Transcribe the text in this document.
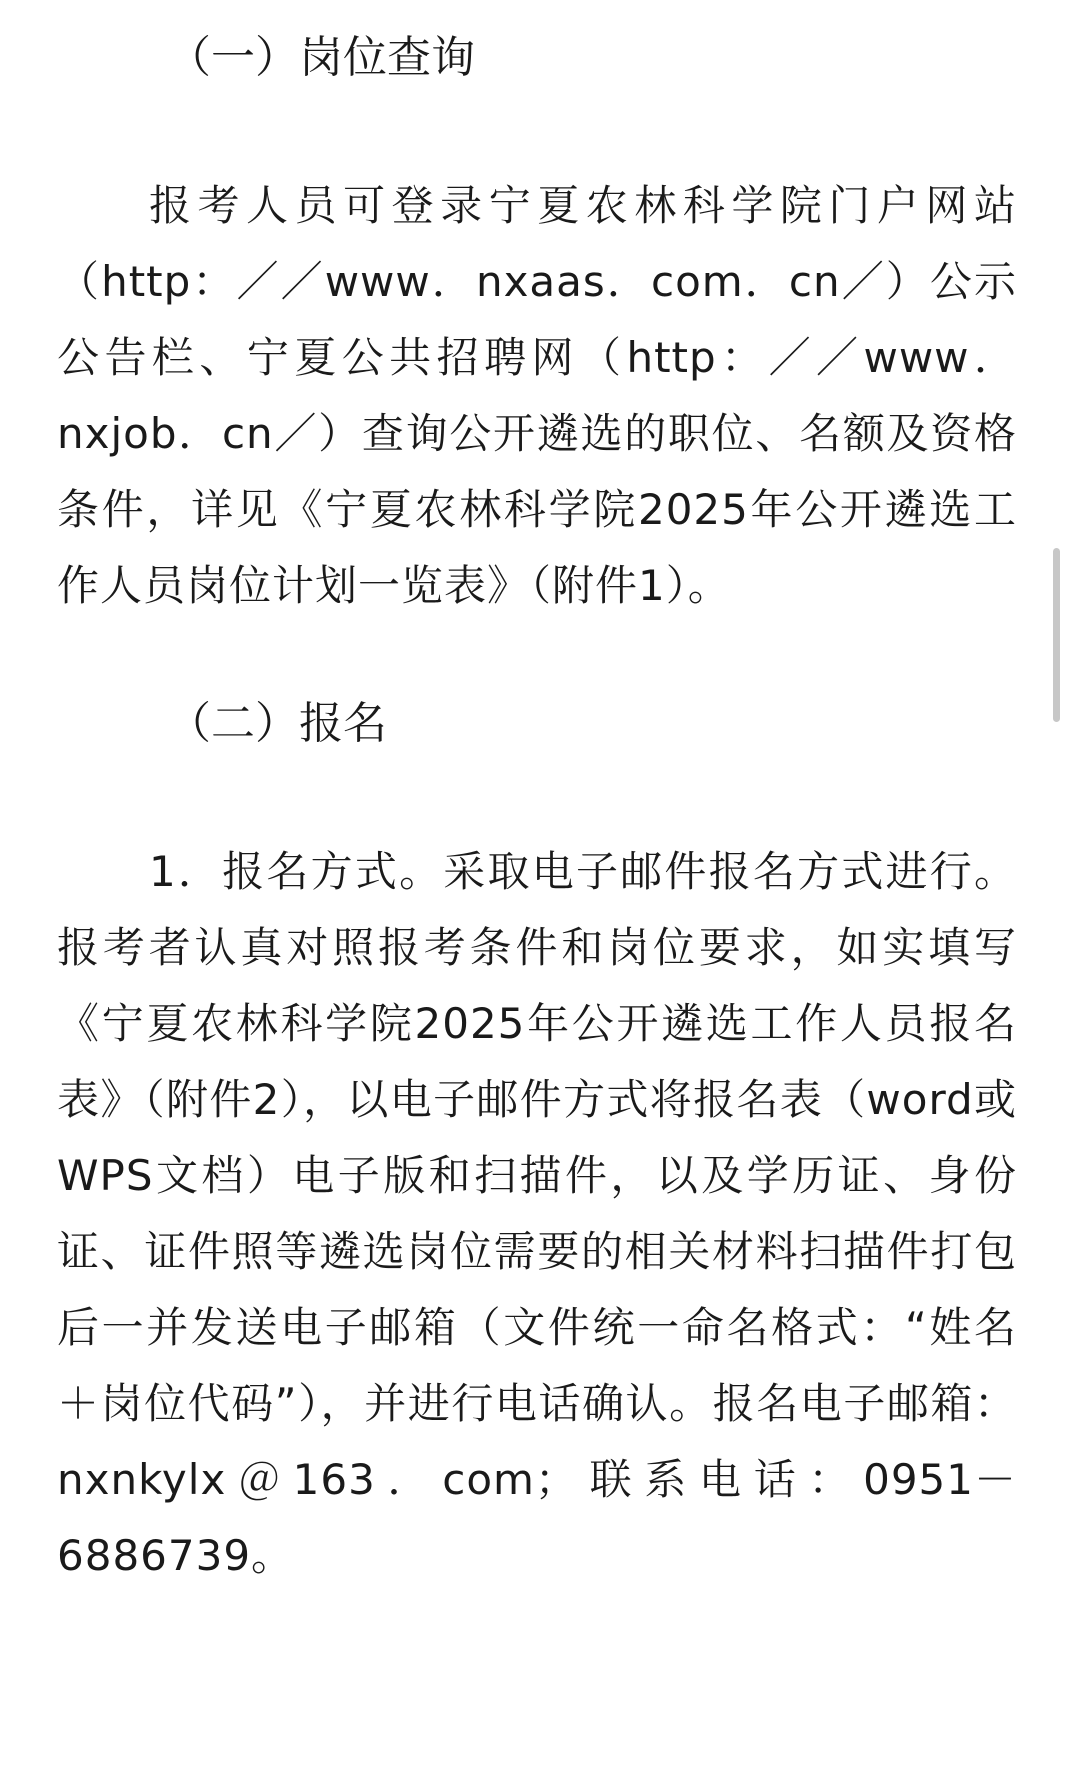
（一）岗位查询

报考人员可登录宁夏农林科学院门户网站（http：／／www．nxaas．com．cn／）公示公告栏、宁夏公共招聘网（http：／／www．nxjob．cn／）查询公开遴选的职位、名额及资格条件，详见《宁夏农林科学院2025年公开遴选工作人员岗位计划一览表》（附件1）。

（二）报名

1．报名方式。采取电子邮件报名方式进行。报考者认真对照报考条件和岗位要求，如实填写《宁夏农林科学院2025年公开遴选工作人员报名表》（附件2），以电子邮件方式将报名表（word或WPS文档）电子版和扫描件，以及学历证、身份证、证件照等遴选岗位需要的相关材料扫描件打包后一并发送电子邮箱（文件统一命名格式：“姓名＋岗位代码”），并进行电话确认。报名电子邮箱：nxnkylx＠163．com；联系电话：0951－6886739。
